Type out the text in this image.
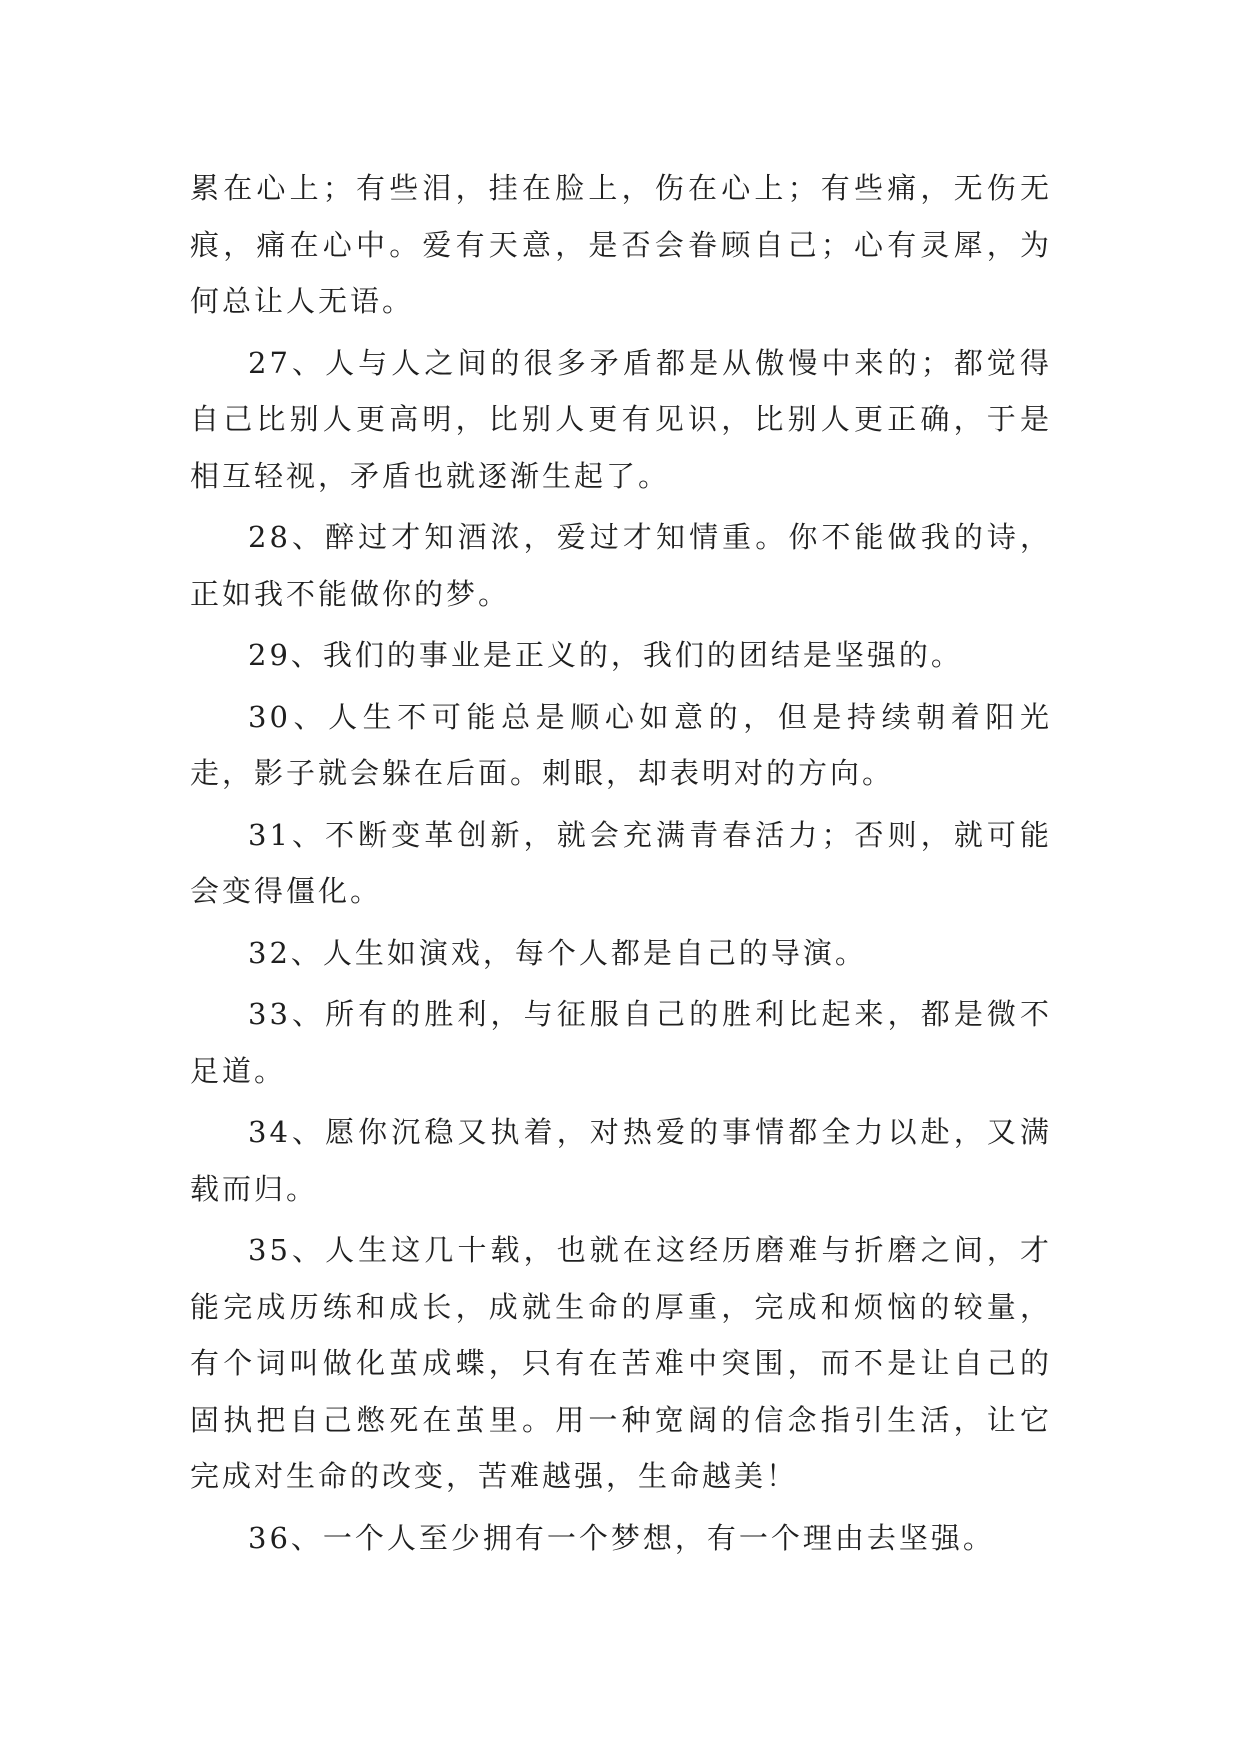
累在心上；有些泪，挂在脸上，伤在心上；有些痛，无伤无痕，痛在心中。爱有天意，是否会眷顾自己；心有灵犀，为何总让人无语。

27、人与人之间的很多矛盾都是从傲慢中来的；都觉得自己比别人更高明，比别人更有见识，比别人更正确，于是相互轻视，矛盾也就逐渐生起了。

28、醉过才知酒浓，爱过才知情重。你不能做我的诗，正如我不能做你的梦。

29、我们的事业是正义的，我们的团结是坚强的。

30、人生不可能总是顺心如意的，但是持续朝着阳光走，影子就会躲在后面。刺眼，却表明对的方向。

31、不断变革创新，就会充满青春活力；否则，就可能会变得僵化。

32、人生如演戏，每个人都是自己的导演。

33、所有的胜利，与征服自己的胜利比起来，都是微不足道。

34、愿你沉稳又执着，对热爱的事情都全力以赴，又满载而归。

35、人生这几十载，也就在这经历磨难与折磨之间，才能完成历练和成长，成就生命的厚重，完成和烦恼的较量，有个词叫做化茧成蝶，只有在苦难中突围，而不是让自己的固执把自己憋死在茧里。用一种宽阔的信念指引生活，让它完成对生命的改变，苦难越强，生命越美！

36、一个人至少拥有一个梦想，有一个理由去坚强。
